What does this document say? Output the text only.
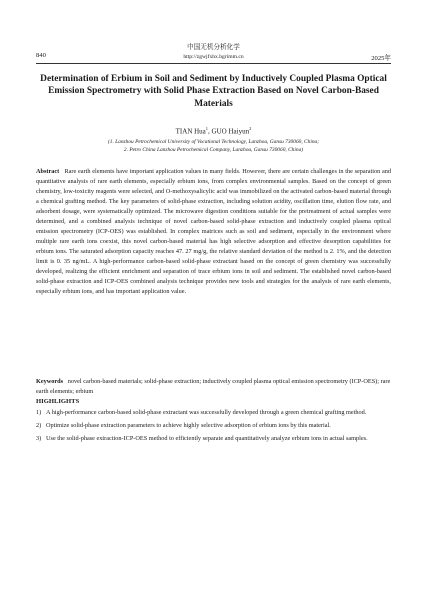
中国无机分析化学
http://zgwjfxhx.bgrimm.cn
840	2025年
Determination of Erbium in Soil and Sediment by Inductively Coupled Plasma Optical Emission Spectrometry with Solid Phase Extraction Based on Novel Carbon-Based Materials
TIAN Hua$^1$, GUO Haiyun$^2$
(1. Lanzhou Petrochemical University of Vocational Technology, Lanzhou, Gansu 730060, China;
2. Petro China Lanzhou Petrochemical Company, Lanzhou, Gansu 730060, China)
Abstract Rare earth elements have important application values in many fields. However, there are certain challenges in the separation and quantitative analysis of rare earth elements, especially erbium ions, from complex environmental samples. Based on the concept of green chemistry, low-toxicity reagents were selected, and O-methoxysalicylic acid was immobilized on the activated carbon-based material through a chemical grafting method. The key parameters of solid-phase extraction, including solution acidity, oscillation time, elution flow rate, and adsorbent dosage, were systematically optimized. The microwave digestion conditions suitable for the pretreatment of actual samples were determined, and a combined analysis technique of novel carbon-based solid-phase extraction and inductively coupled plasma optical emission spectrometry (ICP-OES) was established. In complex matrices such as soil and sediment, especially in the environment where multiple rare earth ions coexist, this novel carbon-based material has high selective adsorption and effective desorption capabilities for erbium ions. The saturated adsorption capacity reaches 47. 27 mg/g, the relative standard deviation of the method is 2. 1%, and the detection limit is 0. 35 ng/mL. A high-performance carbon-based solid-phase extractant based on the concept of green chemistry was successfully developed, realizing the efficient enrichment and separation of trace erbium ions in soil and sediment. The established novel carbon-based solid-phase extraction and ICP-OES combined analysis technique provides new tools and strategies for the analysis of rare earth elements, especially erbium ions, and has important application value.
Keywords novel carbon-based materials; solid-phase extraction; inductively coupled plasma optical emission spectrometry (ICP-OES); rare earth elements; erbium
HIGHLIGHTS
1) A high-performance carbon-based solid-phase extractant was successfully developed through a green chemical grafting method.
2) Optimize solid-phase extraction parameters to achieve highly selective adsorption of erbium ions by this material.
3) Use the solid-phase extraction-ICP-OES method to efficiently separate and quantitatively analyze erbium ions in actual samples.
